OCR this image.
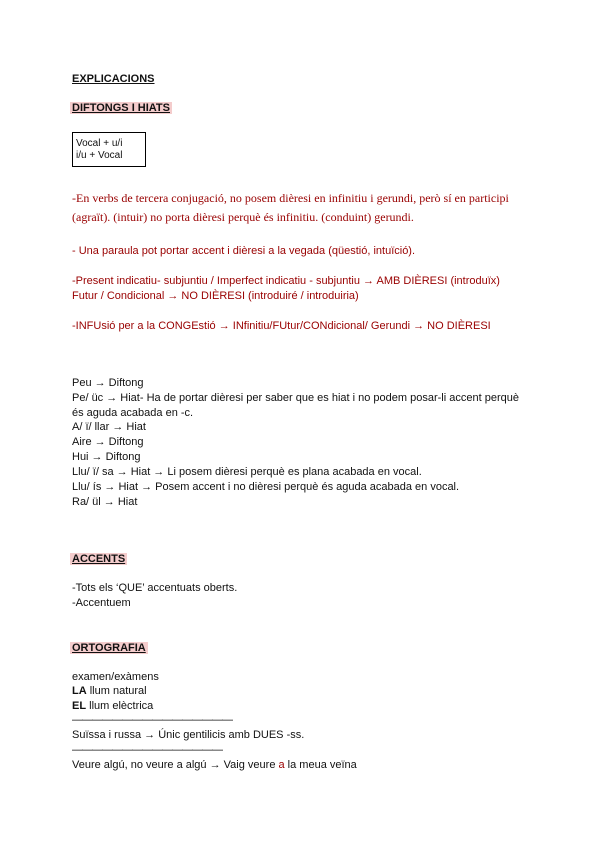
EXPLICACIONS
DIFTONGS I HIATS
Vocal + u/i
i/u + Vocal
-En verbs de tercera conjugació, no posem dièresi en infinitiu i gerundi, però sí en participi
(agraït). (intuir) no porta dièresi perquè és infinitiu. (conduint) gerundi.
- Una paraula pot portar accent i dièresi a la vegada (qüestió, intuïció).
-Present indicatiu- subjuntiu / Imperfect indicatiu - subjuntiu → AMB DIÈRESI (introduïx)
Futur / Condicional → NO DIÈRESI (introduiré / introduiria)
-INFUsió per a la CONGEstió → INfinitiu/FUtur/CONdicional/ Gerundi → NO DIÈRESI
Peu → Diftong
Pe/ üc → Hiat- Ha de portar dièresi per saber que es hiat i no podem posar-li accent perquè
és aguda acabada en -c.
A/ ï/ llar → Hiat
Aire → Diftong
Hui → Diftong
Llu/ ï/ sa → Hiat → Li posem dièresi perquè es plana acabada en vocal.
Llu/ ís → Hiat → Posem accent i no dièresi perquè és aguda acabada en vocal.
Ra/ ül → Hiat
ACCENTS
-Tots els ‘QUE’ accentuats oberts.
-Accentuem
ORTOGRAFIA
examen/exàmens
LA llum natural
EL llum elèctrica
————————————————
Suïssa i russa → Únic gentilicis amb DUES -ss.
———————————————
Veure algú, no veure a algú → Vaig veure a la meua veïna
